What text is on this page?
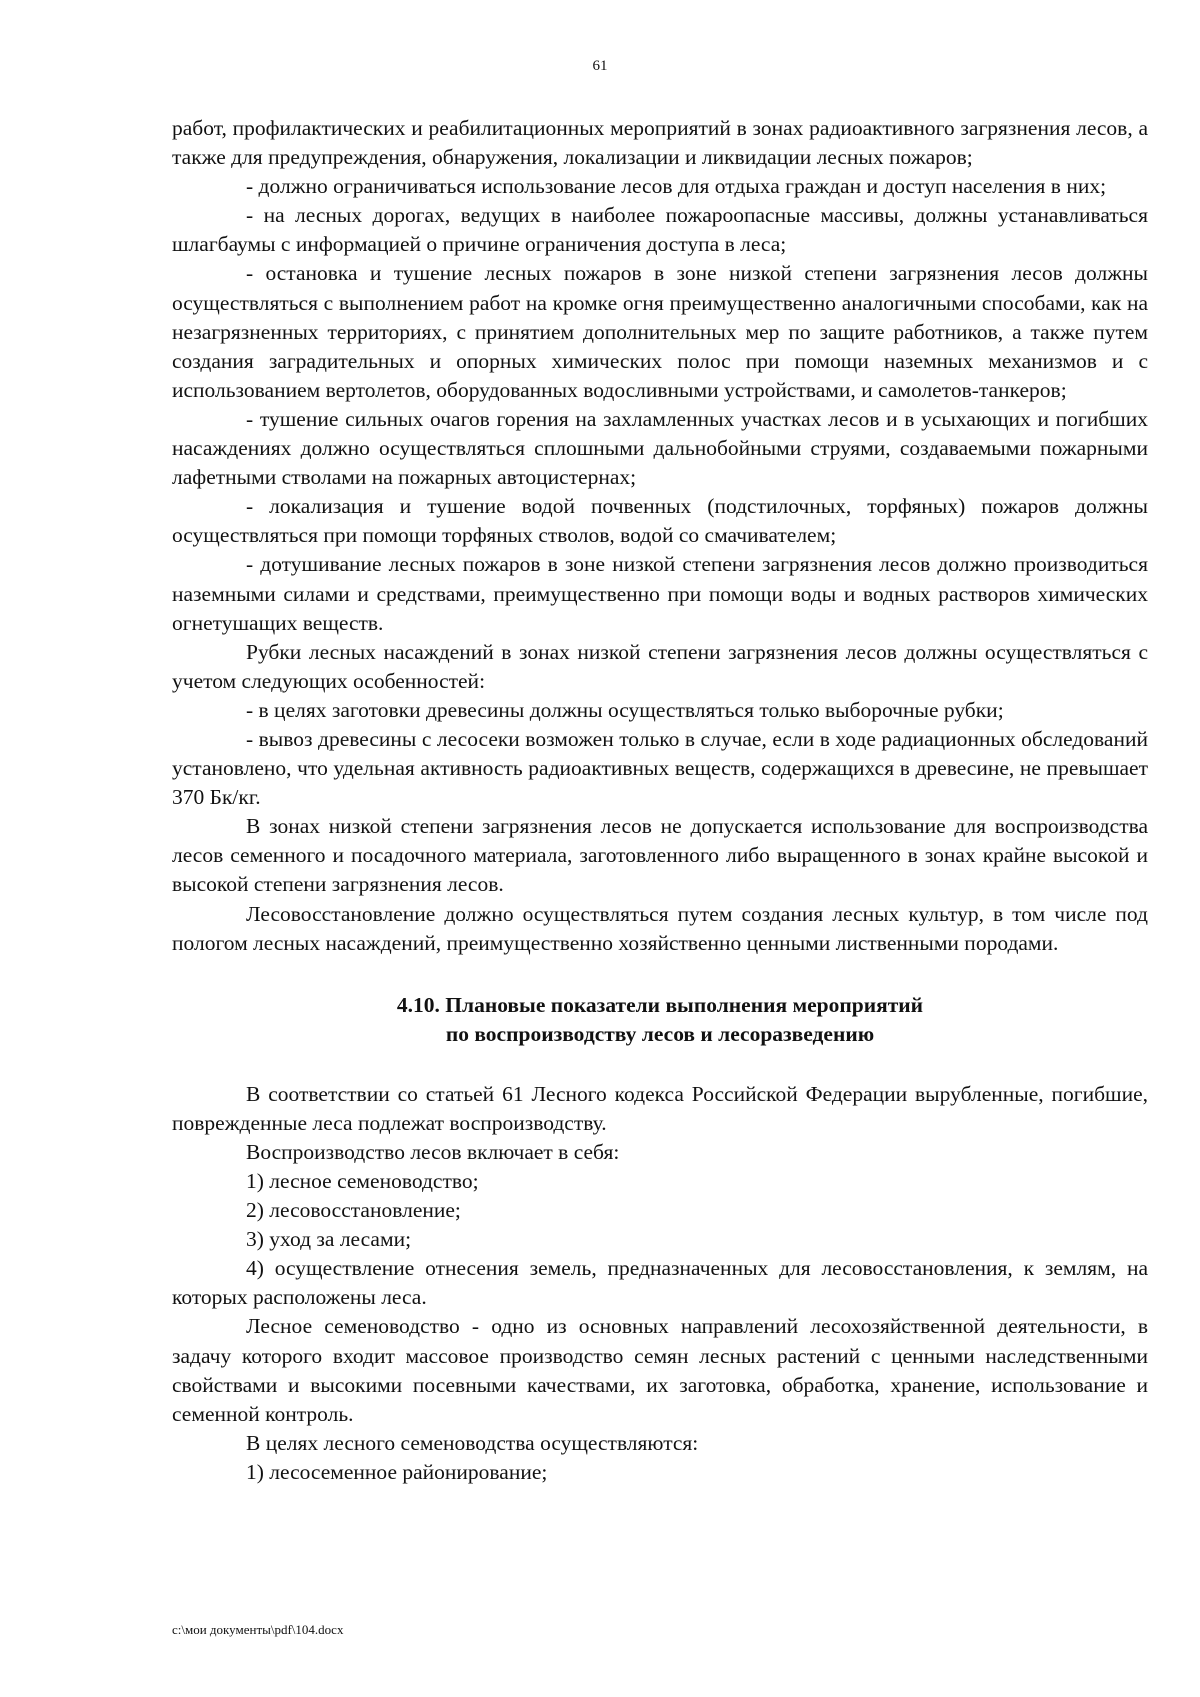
61

работ, профилактических и реабилитационных мероприятий в зонах радиоактивного загрязнения лесов, а также для предупреждения, обнаружения, локализации и ликвидации лесных пожаров;

- должно ограничиваться использование лесов для отдыха граждан и доступ населения в них;

- на лесных дорогах, ведущих в наиболее пожароопасные массивы, должны устанавливаться шлагбаумы с информацией о причине ограничения доступа в леса;

- остановка и тушение лесных пожаров в зоне низкой степени загрязнения лесов должны осуществляться с выполнением работ на кромке огня преимущественно аналогичными способами, как на незагрязненных территориях, с принятием дополнительных мер по защите работников, а также путем создания заградительных и опорных химических полос при помощи наземных механизмов и с использованием вертолетов, оборудованных водосливными устройствами, и самолетов-танкеров;

- тушение сильных очагов горения на захламленных участках лесов и в усыхающих и погибших насаждениях должно осуществляться сплошными дальнобойными струями, создаваемыми пожарными лафетными стволами на пожарных автоцистернах;

- локализация и тушение водой почвенных (подстилочных, торфяных) пожаров должны осуществляться при помощи торфяных стволов, водой со смачивателем;

- дотушивание лесных пожаров в зоне низкой степени загрязнения лесов должно производиться наземными силами и средствами, преимущественно при помощи воды и водных растворов химических огнетушащих веществ.

Рубки лесных насаждений в зонах низкой степени загрязнения лесов должны осуществляться с учетом следующих особенностей:

- в целях заготовки древесины должны осуществляться только выборочные рубки;

- вывоз древесины с лесосеки возможен только в случае, если в ходе радиационных обследований установлено, что удельная активность радиоактивных веществ, содержащихся в древесине, не превышает 370 Бк/кг.

В зонах низкой степени загрязнения лесов не допускается использование для воспроизводства лесов семенного и посадочного материала, заготовленного либо выращенного в зонах крайне высокой и высокой степени загрязнения лесов.

Лесовосстановление должно осуществляться путем создания лесных культур, в том числе под пологом лесных насаждений, преимущественно хозяйственно ценными лиственными породами.

4.10. Плановые показатели выполнения мероприятий
по воспроизводству лесов и лесоразведению

В соответствии со статьей 61 Лесного кодекса Российской Федерации вырубленные, погибшие, поврежденные леса подлежат воспроизводству.

Воспроизводство лесов включает в себя:

1) лесное семеноводство;

2) лесовосстановление;

3) уход за лесами;

4) осуществление отнесения земель, предназначенных для лесовосстановления, к землям, на которых расположены леса.

Лесное семеноводство - одно из основных направлений лесохозяйственной деятельности, в задачу которого входит массовое производство семян лесных растений с ценными наследственными свойствами и высокими посевными качествами, их заготовка, обработка, хранение, использование и семенной контроль.

В целях лесного семеноводства осуществляются:

1) лесосеменное районирование;

c:\мои документы\pdf\104.docx
